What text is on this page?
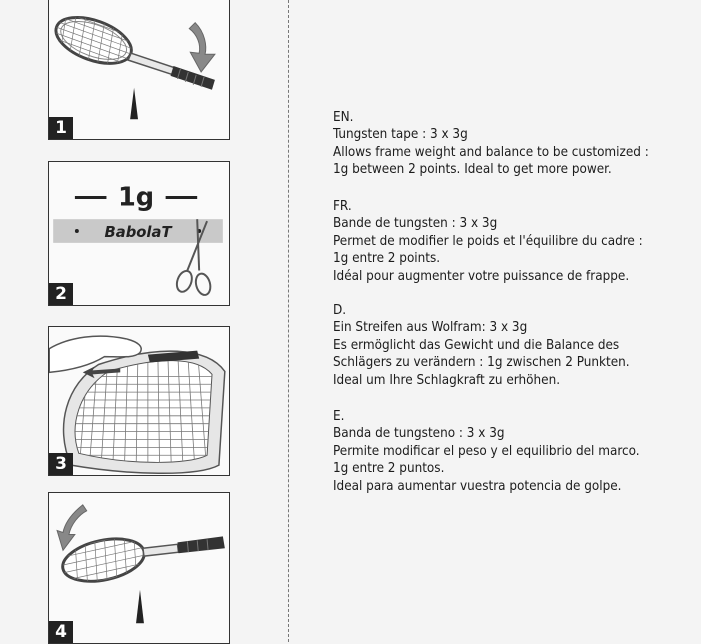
1
1g
BabolaT
2
3
4
EN.
Tungsten tape : 3 x 3g
Allows frame weight and balance to be customized :
1g between 2 points. Ideal to get more power.
FR.
Bande de tungsten : 3 x 3g
Permet de modifier le poids et l'équilibre du cadre :
1g entre 2 points.
Idéal pour augmenter votre puissance de frappe.
D.
Ein Streifen aus Wolfram: 3 x 3g
Es ermöglicht das Gewicht und die Balance des
Schlägers zu verändern : 1g zwischen 2 Punkten.
Ideal um Ihre Schlagkraft zu erhöhen.
E.
Banda de tungsteno : 3 x 3g
Permite modificar el peso y el equilibrio del marco.
1g entre 2 puntos.
Ideal para aumentar vuestra potencia de golpe.
